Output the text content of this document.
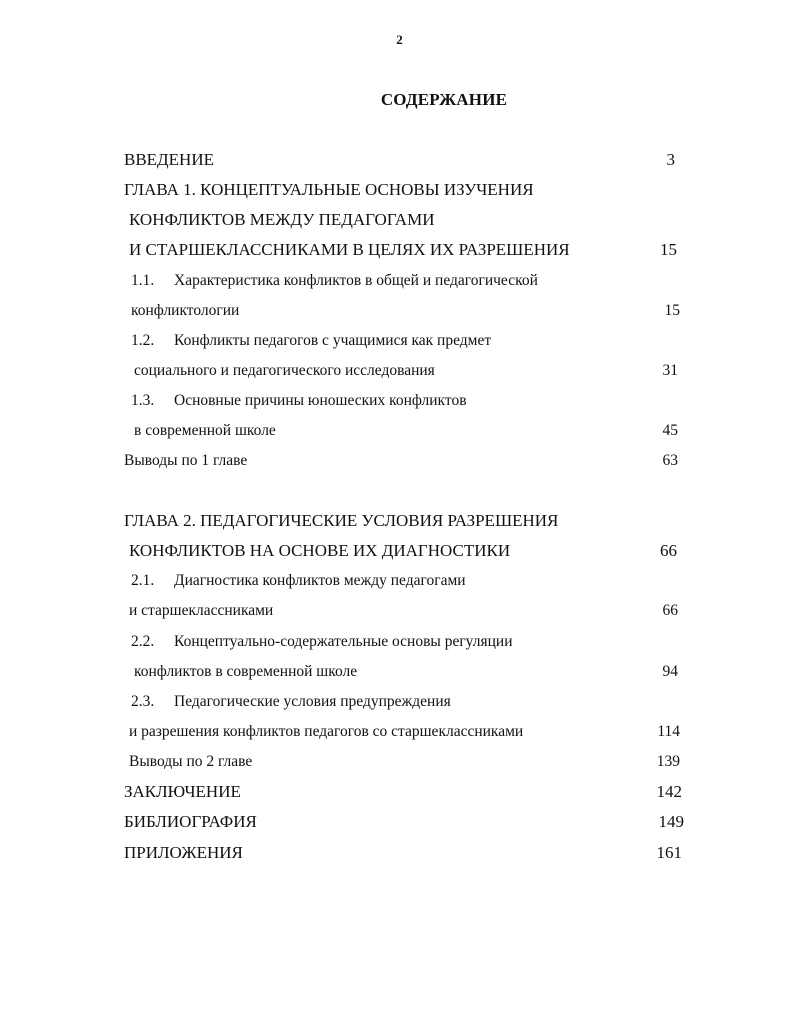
2
СОДЕРЖАНИЕ
ВВЕДЕНИЕ	3
ГЛАВА 1. КОНЦЕПТУАЛЬНЫЕ ОСНОВЫ ИЗУЧЕНИЯ
КОНФЛИКТОВ МЕЖДУ ПЕДАГОГАМИ
И СТАРШЕКЛАССНИКАМИ В ЦЕЛЯХ ИХ РАЗРЕШЕНИЯ	15
1.1. Характеристика конфликтов в общей и педагогической
конфликтологии	15
1.2. Конфликты педагогов с учащимися как предмет
социального и педагогического исследования	31
1.3. Основные причины юношеских конфликтов
в современной школе	45
Выводы по 1 главе	63
ГЛАВА 2. ПЕДАГОГИЧЕСКИЕ УСЛОВИЯ РАЗРЕШЕНИЯ
КОНФЛИКТОВ НА ОСНОВЕ ИХ ДИАГНОСТИКИ	66
2.1. Диагностика конфликтов между педагогами
и старшеклассниками	66
2.2. Концептуально-содержательные основы регуляции
конфликтов в современной школе	94
2.3. Педагогические условия предупреждения
и разрешения конфликтов педагогов со старшеклассниками	114
Выводы по 2 главе	139
ЗАКЛЮЧЕНИЕ	142
БИБЛИОГРАФИЯ	149
ПРИЛОЖЕНИЯ	161
